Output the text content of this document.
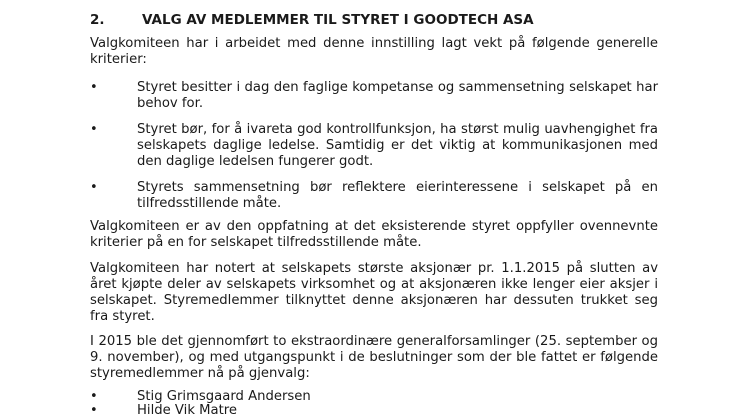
2.	VALG AV MEDLEMMER TIL STYRET I GOODTECH ASA
Valgkomiteen har i arbeidet med denne innstilling lagt vekt på følgende generelle kriterier:
•	Styret besitter i dag den faglige kompetanse og sammensetning selskapet har behov for.
•	Styret bør, for å ivareta god kontrollfunksjon, ha størst mulig uavhengighet fra selskapets daglige ledelse. Samtidig er det viktig at kommunikasjonen med den daglige ledelsen fungerer godt.
•	Styrets sammensetning bør reflektere eierinteressene i selskapet på en tilfredsstillende måte.
Valgkomiteen er av den oppfatning at det eksisterende styret oppfyller ovennevnte kriterier på en for selskapet tilfredsstillende måte.
Valgkomiteen har notert at selskapets største aksjonær pr. 1.1.2015 på slutten av året kjøpte deler av selskapets virksomhet og at aksjonæren ikke lenger eier aksjer i selskapet. Styremedlemmer tilknyttet denne aksjonæren har dessuten trukket seg fra styret.
I 2015 ble det gjennomført to ekstraordinære generalforsamlinger (25. september og 9. november), og med utgangspunkt i de beslutninger som der ble fattet er følgende styremedlemmer nå på gjenvalg:
•	Stig Grimsgaard Andersen
•	Hilde Vik Matre
